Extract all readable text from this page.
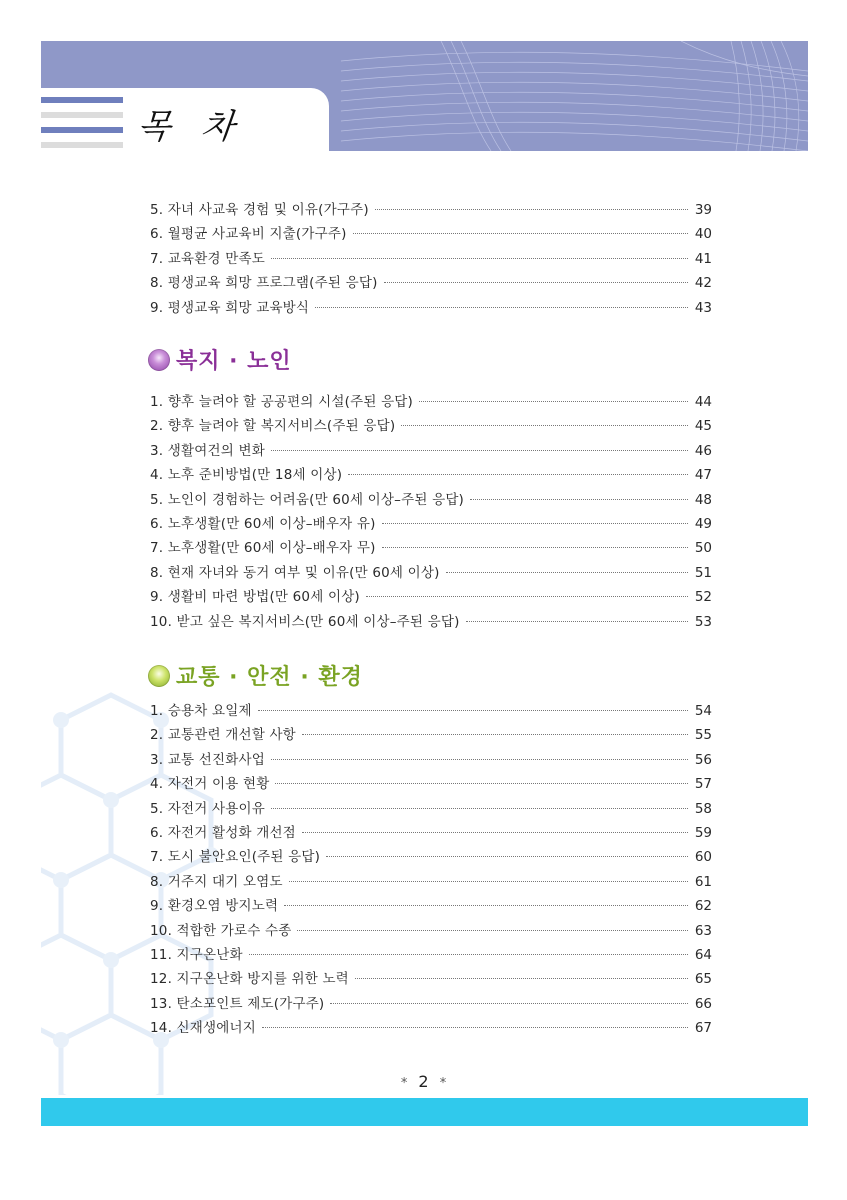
목 차
5. 자녀 사교육 경험 및 이유(가구주)	39
6. 월평균 사교육비 지출(가구주)	40
7. 교육환경 만족도	41
8. 평생교육 희망 프로그램(주된 응답)	42
9. 평생교육 희망 교육방식	43
복지 · 노인
1. 향후 늘려야 할 공공편의 시설(주된 응답)	44
2. 향후 늘려야 할 복지서비스(주된 응답)	45
3. 생활여건의 변화	46
4. 노후 준비방법(만 18세 이상)	47
5. 노인이 경험하는 어려움(만 60세 이상–주된 응답)	48
6. 노후생활(만 60세 이상–배우자 유)	49
7. 노후생활(만 60세 이상–배우자 무)	50
8. 현재 자녀와 동거 여부 및 이유(만 60세 이상)	51
9. 생활비 마련 방법(만 60세 이상)	52
10. 받고 싶은 복지서비스(만 60세 이상–주된 응답)	53
교통 · 안전 · 환경
1. 승용차 요일제	54
2. 교통관련 개선할 사항	55
3. 교통 선진화사업	56
4. 자전거 이용 현황	57
5. 자전거 사용이유	58
6. 자전거 활성화 개선점	59
7. 도시 불안요인(주된 응답)	60
8. 거주지 대기 오염도	61
9. 환경오염 방지노력	62
10. 적합한 가로수 수종	63
11. 지구온난화	64
12. 지구온난화 방지를 위한 노력	65
13. 탄소포인트 제도(가구주)	66
14. 신재생에너지	67
* 2 *
